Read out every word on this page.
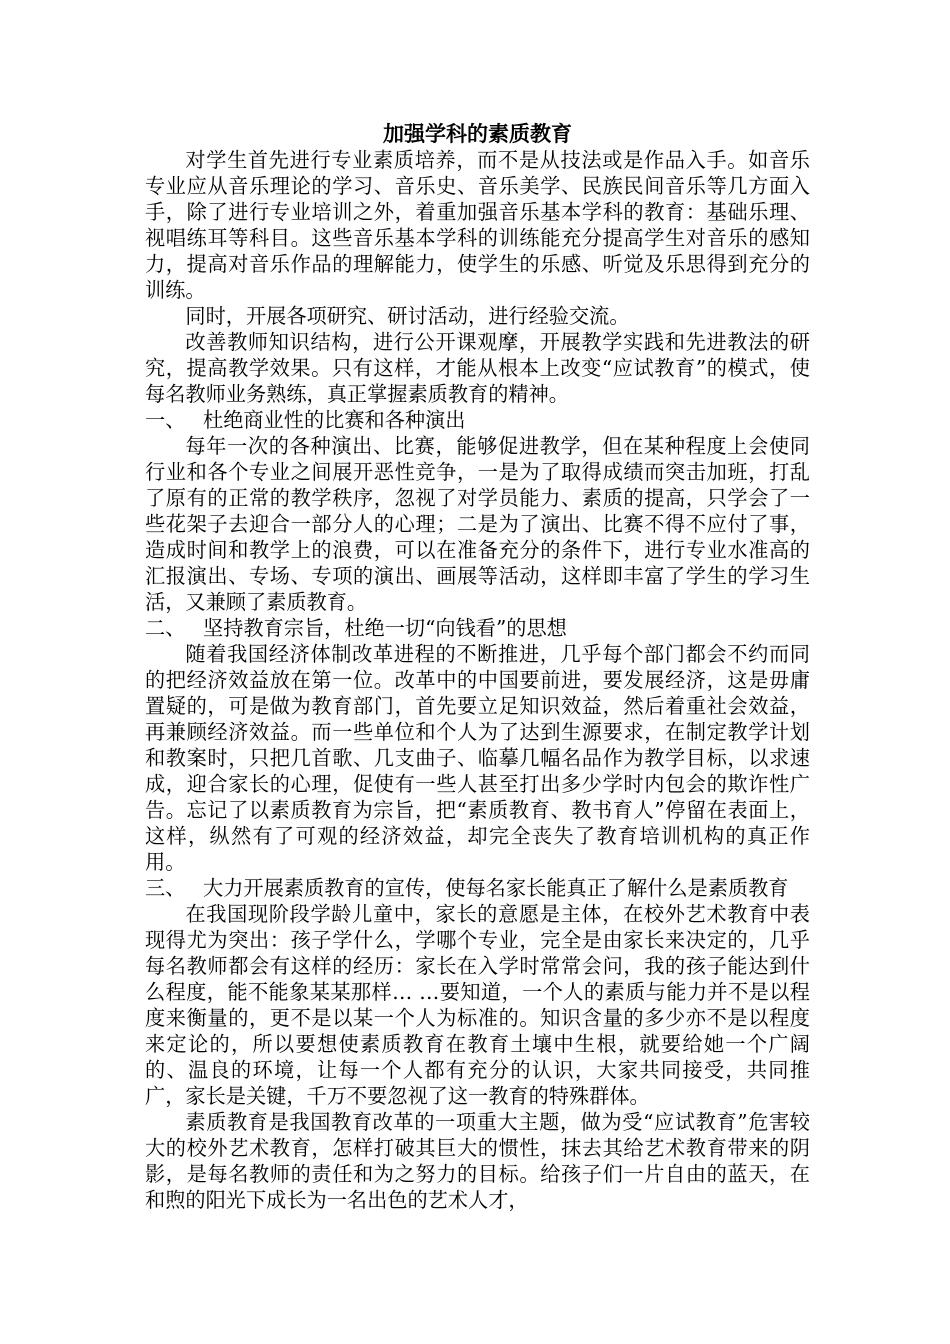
加强学科的素质教育

对学生首先进行专业素质培养，而不是从技法或是作品入手。如音乐专业应从音乐理论的学习、音乐史、音乐美学、民族民间音乐等几方面入手，除了进行专业培训之外，着重加强音乐基本学科的教育：基础乐理、视唱练耳等科目。这些音乐基本学科的训练能充分提高学生对音乐的感知力，提高对音乐作品的理解能力，使学生的乐感、听觉及乐思得到充分的训练。

同时，开展各项研究、研讨活动，进行经验交流。

改善教师知识结构，进行公开课观摩，开展教学实践和先进教法的研究，提高教学效果。只有这样，才能从根本上改变“应试教育”的模式，使每名教师业务熟练，真正掌握素质教育的精神。

一、 杜绝商业性的比赛和各种演出

每年一次的各种演出、比赛，能够促进教学，但在某种程度上会使同行业和各个专业之间展开恶性竞争，一是为了取得成绩而突击加班，打乱了原有的正常的教学秩序，忽视了对学员能力、素质的提高，只学会了一些花架子去迎合一部分人的心理；二是为了演出、比赛不得不应付了事，造成时间和教学上的浪费，可以在准备充分的条件下，进行专业水准高的汇报演出、专场、专项的演出、画展等活动，这样即丰富了学生的学习生活，又兼顾了素质教育。

二、 坚持教育宗旨，杜绝一切“向钱看”的思想

随着我国经济体制改革进程的不断推进，几乎每个部门都会不约而同的把经济效益放在第一位。改革中的中国要前进，要发展经济，这是毋庸置疑的，可是做为教育部门，首先要立足知识效益，然后着重社会效益，再兼顾经济效益。而一些单位和个人为了达到生源要求，在制定教学计划和教案时，只把几首歌、几支曲子、临摹几幅名品作为教学目标，以求速成，迎合家长的心理，促使有一些人甚至打出多少学时内包会的欺诈性广告。忘记了以素质教育为宗旨，把“素质教育、教书育人”停留在表面上，这样，纵然有了可观的经济效益，却完全丧失了教育培训机构的真正作用。

三、 大力开展素质教育的宣传，使每名家长能真正了解什么是素质教育

在我国现阶段学龄儿童中，家长的意愿是主体，在校外艺术教育中表现得尤为突出：孩子学什么，学哪个专业，完全是由家长来决定的，几乎每名教师都会有这样的经历：家长在入学时常常会问，我的孩子能达到什么程度，能不能象某某那样… …要知道，一个人的素质与能力并不是以程度来衡量的，更不是以某一个人为标准的。知识含量的多少亦不是以程度来定论的，所以要想使素质教育在教育土壤中生根，就要给她一个广阔的、温良的环境，让每一个人都有充分的认识，大家共同接受，共同推广，家长是关键，千万不要忽视了这一教育的特殊群体。

素质教育是我国教育改革的一项重大主题，做为受“应试教育”危害较大的校外艺术教育，怎样打破其巨大的惯性，抹去其给艺术教育带来的阴影，是每名教师的责任和为之努力的目标。给孩子们一片自由的蓝天，在和煦的阳光下成长为一名出色的艺术人才，
